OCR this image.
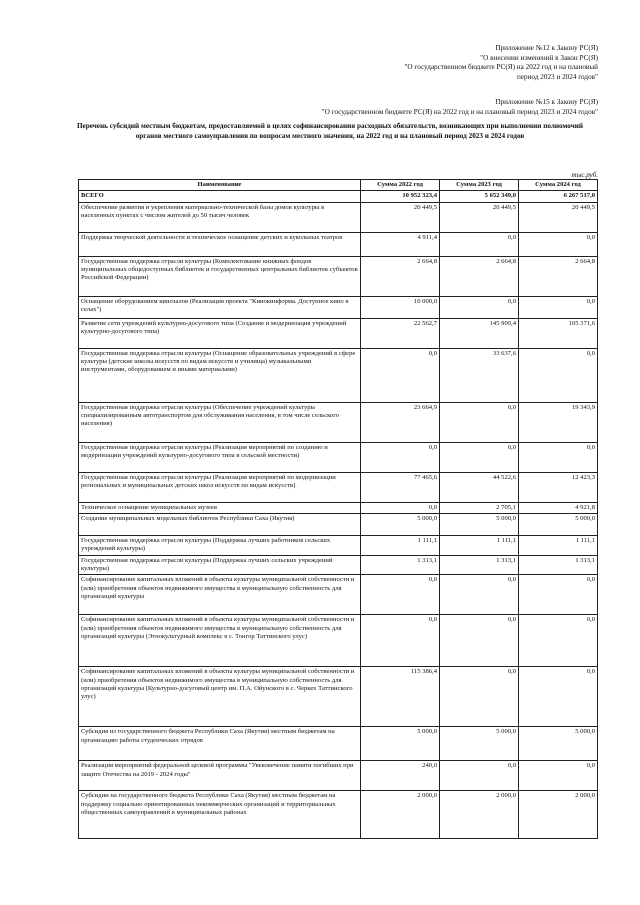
Приложение №12 к Закону РС(Я)
"О внесении изменений в Закон РС(Я)
"О государственном бюджете РС(Я) на 2022 год и на плановый
период 2023 и 2024 годов"
Приложение №15 к Закону РС(Я)
"О государственном бюджете РС(Я) на 2022 год и на плановый период 2023 и 2024 годов"
Перечень субсидий местным бюджетам, предоставляемой в целях софинансирования расходных обязательств, возникающих при выполнении полномочий органов местного самоуправления по вопросам местного значения, на 2022 год и на плановый период 2023 и 2024 годов
тыс.руб.
Наименование	Сумма 2022 год	Сумма 2023 год	Сумма 2024 год
ВСЕГО	10 952 323,4	5 652 349,0	6 267 517,0
Обеспечение развития и укрепления материально-технической базы домов культуры в населенных пунктах с числом жителей до 50 тысяч человек	20 449,5	20 449,5	20 449,5
Поддержка творческой деятельности и техническое оснащение детских и кукольных театров	4 911,4	0,0	0,0
Государственная поддержка отрасли культуры (Комплектование книжных фондов муниципальных общедоступных библиотек и государственных центральных библиотек субъектов Российской Федерации)	2 664,8	2 664,8	2 664,8
Оснащение оборудованием кинозалов (Реализация проекта "Кинокинформа. Доступное кино в селах")	10 000,0	0,0	0,0
Развитие сети учреждений культурно-досугового типа (Создание и модернизация учреждений культурно-досугового типа)	22 562,7	145 909,4	105 371,6
Государственная поддержка отрасли культуры (Оснащение образовательных учреждений в сфере культуры (детские школы искусств по видам искусств и училища) музыкальными инструментами, оборудованием и иными материалами)	0,0	33 637,6	0,0
Государственная поддержка отрасли культуры (Обеспечение учреждений культуры специализированным автотранспортом для обслуживания населения, в том числе сельского населения)	23 664,9	0,0	19 343,9
Государственная поддержка отрасли культуры (Реализация мероприятий по созданию и модернизации учреждений культурно-досугового типа в сельской местности)	0,0	0,0	0,0
Государственная поддержка отрасли культуры (Реализация мероприятий по модернизации региональных и муниципальных детских школ искусств по видам искусств)	77 465,6	44 522,6	12 423,3
Техническое оснащение муниципальных музеев	0,0	2 705,1	4 921,8
Создание муниципальных модельных библиотек Республики Саха (Якутия)	5 000,0	5 000,0	5 000,0
Государственная поддержка отрасли культуры (Поддержка лучших работников сельских учреждений культуры)	1 111,1	1 111,1	1 111,1
Государственная поддержка отрасли культуры (Поддержка лучших сельских учреждений культуры)	1 313,1	1 313,1	1 313,1
Софинансирование капитальных вложений в объекты культуры муниципальной собственности и (или) приобретения объектов недвижимого имущества в муниципальную собственность для организаций культуры	0,0	0,0	0,0
Софинансирование капитальных вложений в объекты культуры муниципальной собственности и (или) приобретения объектов недвижимого имущества в муниципальную собственность для организаций культуры (Этнокультурный комплекс в с. Тонгор Таттинского улус)	0,0	0,0	0,0
Софинансирование капитальных вложений в объекты культуры муниципальной собственности и (или) приобретения объектов недвижимого имущества в муниципальную собственность для организаций культуры (Культурно-досуговый центр им. П.А. Ойунского в с. Черкех Таттинского улус)	115 386,4	0,0	0,0
Субсидия из государственного бюджета Республики Саха (Якутия) местным бюджетам на организацию работы студенческих отрядов	5 000,0	5 000,0	5 000,0
Реализация мероприятий федеральной целевой программы "Увековечение памяти погибших при защите Отечества на 2019 - 2024 годы"	240,0	0,0	0,0
Субсидии на государственного бюджета Республики Саха (Якутия) местным бюджетам на поддержку социально ориентированных некоммерческих организаций и территориальных общественных самоуправлений в муниципальных районах	2 000,0	2 000,0	2 000,0
